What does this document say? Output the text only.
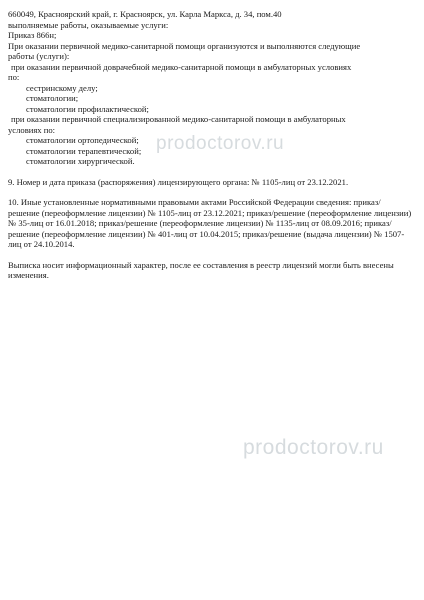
660049, Красноярский край, г. Красноярск, ул. Карла Маркса, д. 34, пом.40
выполняемые работы, оказываемые услуги:
Приказ 866н;
При оказании первичной медико-санитарной помощи организуются и выполняются следующие
работы (услуги):
при оказании первичной доврачебной медико-санитарной помощи в амбулаторных условиях
по:
сестринскому делу;
стоматологии;
стоматологии профилактической;
при оказании первичной специализированной медико-санитарной помощи в амбулаторных
условиях по:
стоматологии ортопедической;
стоматологии терапевтической;
стоматологии хирургической.
9. Номер и дата приказа (распоряжения) лицензирующего органа: № 1105-лиц от 23.12.2021.
10. Иные установленные нормативными правовыми актами Российской Федерации сведения: приказ/решение (переоформление лицензии) № 1105-лиц от 23.12.2021; приказ/решение (переоформление лицензии) № 35-лиц от 16.01.2018; приказ/решение (переоформление лицензии) № 1135-лиц от 08.09.2016; приказ/решение (переоформление лицензии) № 401-лиц от 10.04.2015; приказ/решение (выдача лицензии) № 1507-лиц от 24.10.2014.
Выписка носит информационный характер, после ее составления в реестр лицензий могли быть внесены изменения.
prodoctorov.ru
prodoctorov.ru
